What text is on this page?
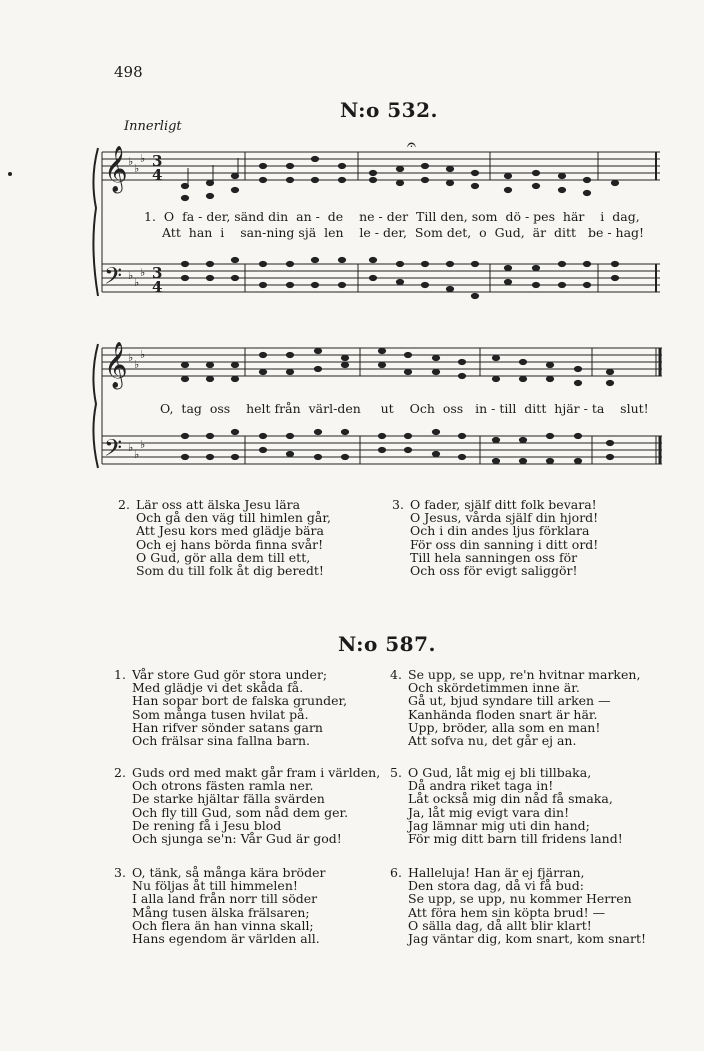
498
N:o 532.
Innerligt
𝄞
𝄢
♭
♭
♭
♭
♭
♭
3
4
3
4
𝄐
1.  O  fa - der, sänd din  an -  de    ne - der  Till den, som  dö - pes  här    i  dag,
Att  han  i    san-ning sjä  len    le - der,  Som det,  o  Gud,  är  ditt   be - hag!
𝄞
𝄢
♭
♭
♭
♭
♭
♭
O,  tag  oss    helt från  värl-den     ut    Och  oss   in - till  ditt  hjär - ta    slut!
2. Lär oss att älska Jesu lära
Och gå den väg till himlen går,
Att Jesu kors med glädje bära
Och ej hans börda finna svår!
O Gud, gör alla dem till ett,
Som du till folk åt dig beredt!
3. O fader, själf ditt folk bevara!
O Jesus, vårda själf din hjord!
Och i din andes ljus förklara
För oss din sanning i ditt ord!
Till hela sanningen oss för
Och oss för evigt saliggör!
N:o 587.
1. Vår store Gud gör stora under;
Med glädje vi det skåda få.
Han sopar bort de falska grunder,
Som många tusen hvilat på.
Han rifver sönder satans garn
Och frälsar sina fallna barn.
4. Se upp, se upp, re'n hvitnar marken,
Och skördetimmen inne är.
Gå ut, bjud syndare till arken —
Kanhända floden snart är här.
Upp, bröder, alla som en man!
Att sofva nu, det går ej an.
2. Guds ord med makt går fram i världen,
Och otrons fästen ramla ner.
De starke hjältar fälla svärden
Och fly till Gud, som nåd dem ger.
De rening få i Jesu blod
Och sjunga se'n: Vår Gud är god!
5. O Gud, låt mig ej bli tillbaka,
Då andra riket taga in!
Låt också mig din nåd få smaka,
Ja, låt mig evigt vara din!
Jag lämnar mig uti din hand;
För mig ditt barn till fridens land!
3. O, tänk, så många kära bröder
Nu följas åt till himmelen!
I alla land från norr till söder
Mång tusen älska frälsaren;
Och flera än han vinna skall;
Hans egendom är världen all.
6. Halleluja! Han är ej fjärran,
Den stora dag, då vi få bud:
Se upp, se upp, nu kommer Herren
Att föra hem sin köpta brud! —
O sälla dag, då allt blir klart!
Jag väntar dig, kom snart, kom snart!
